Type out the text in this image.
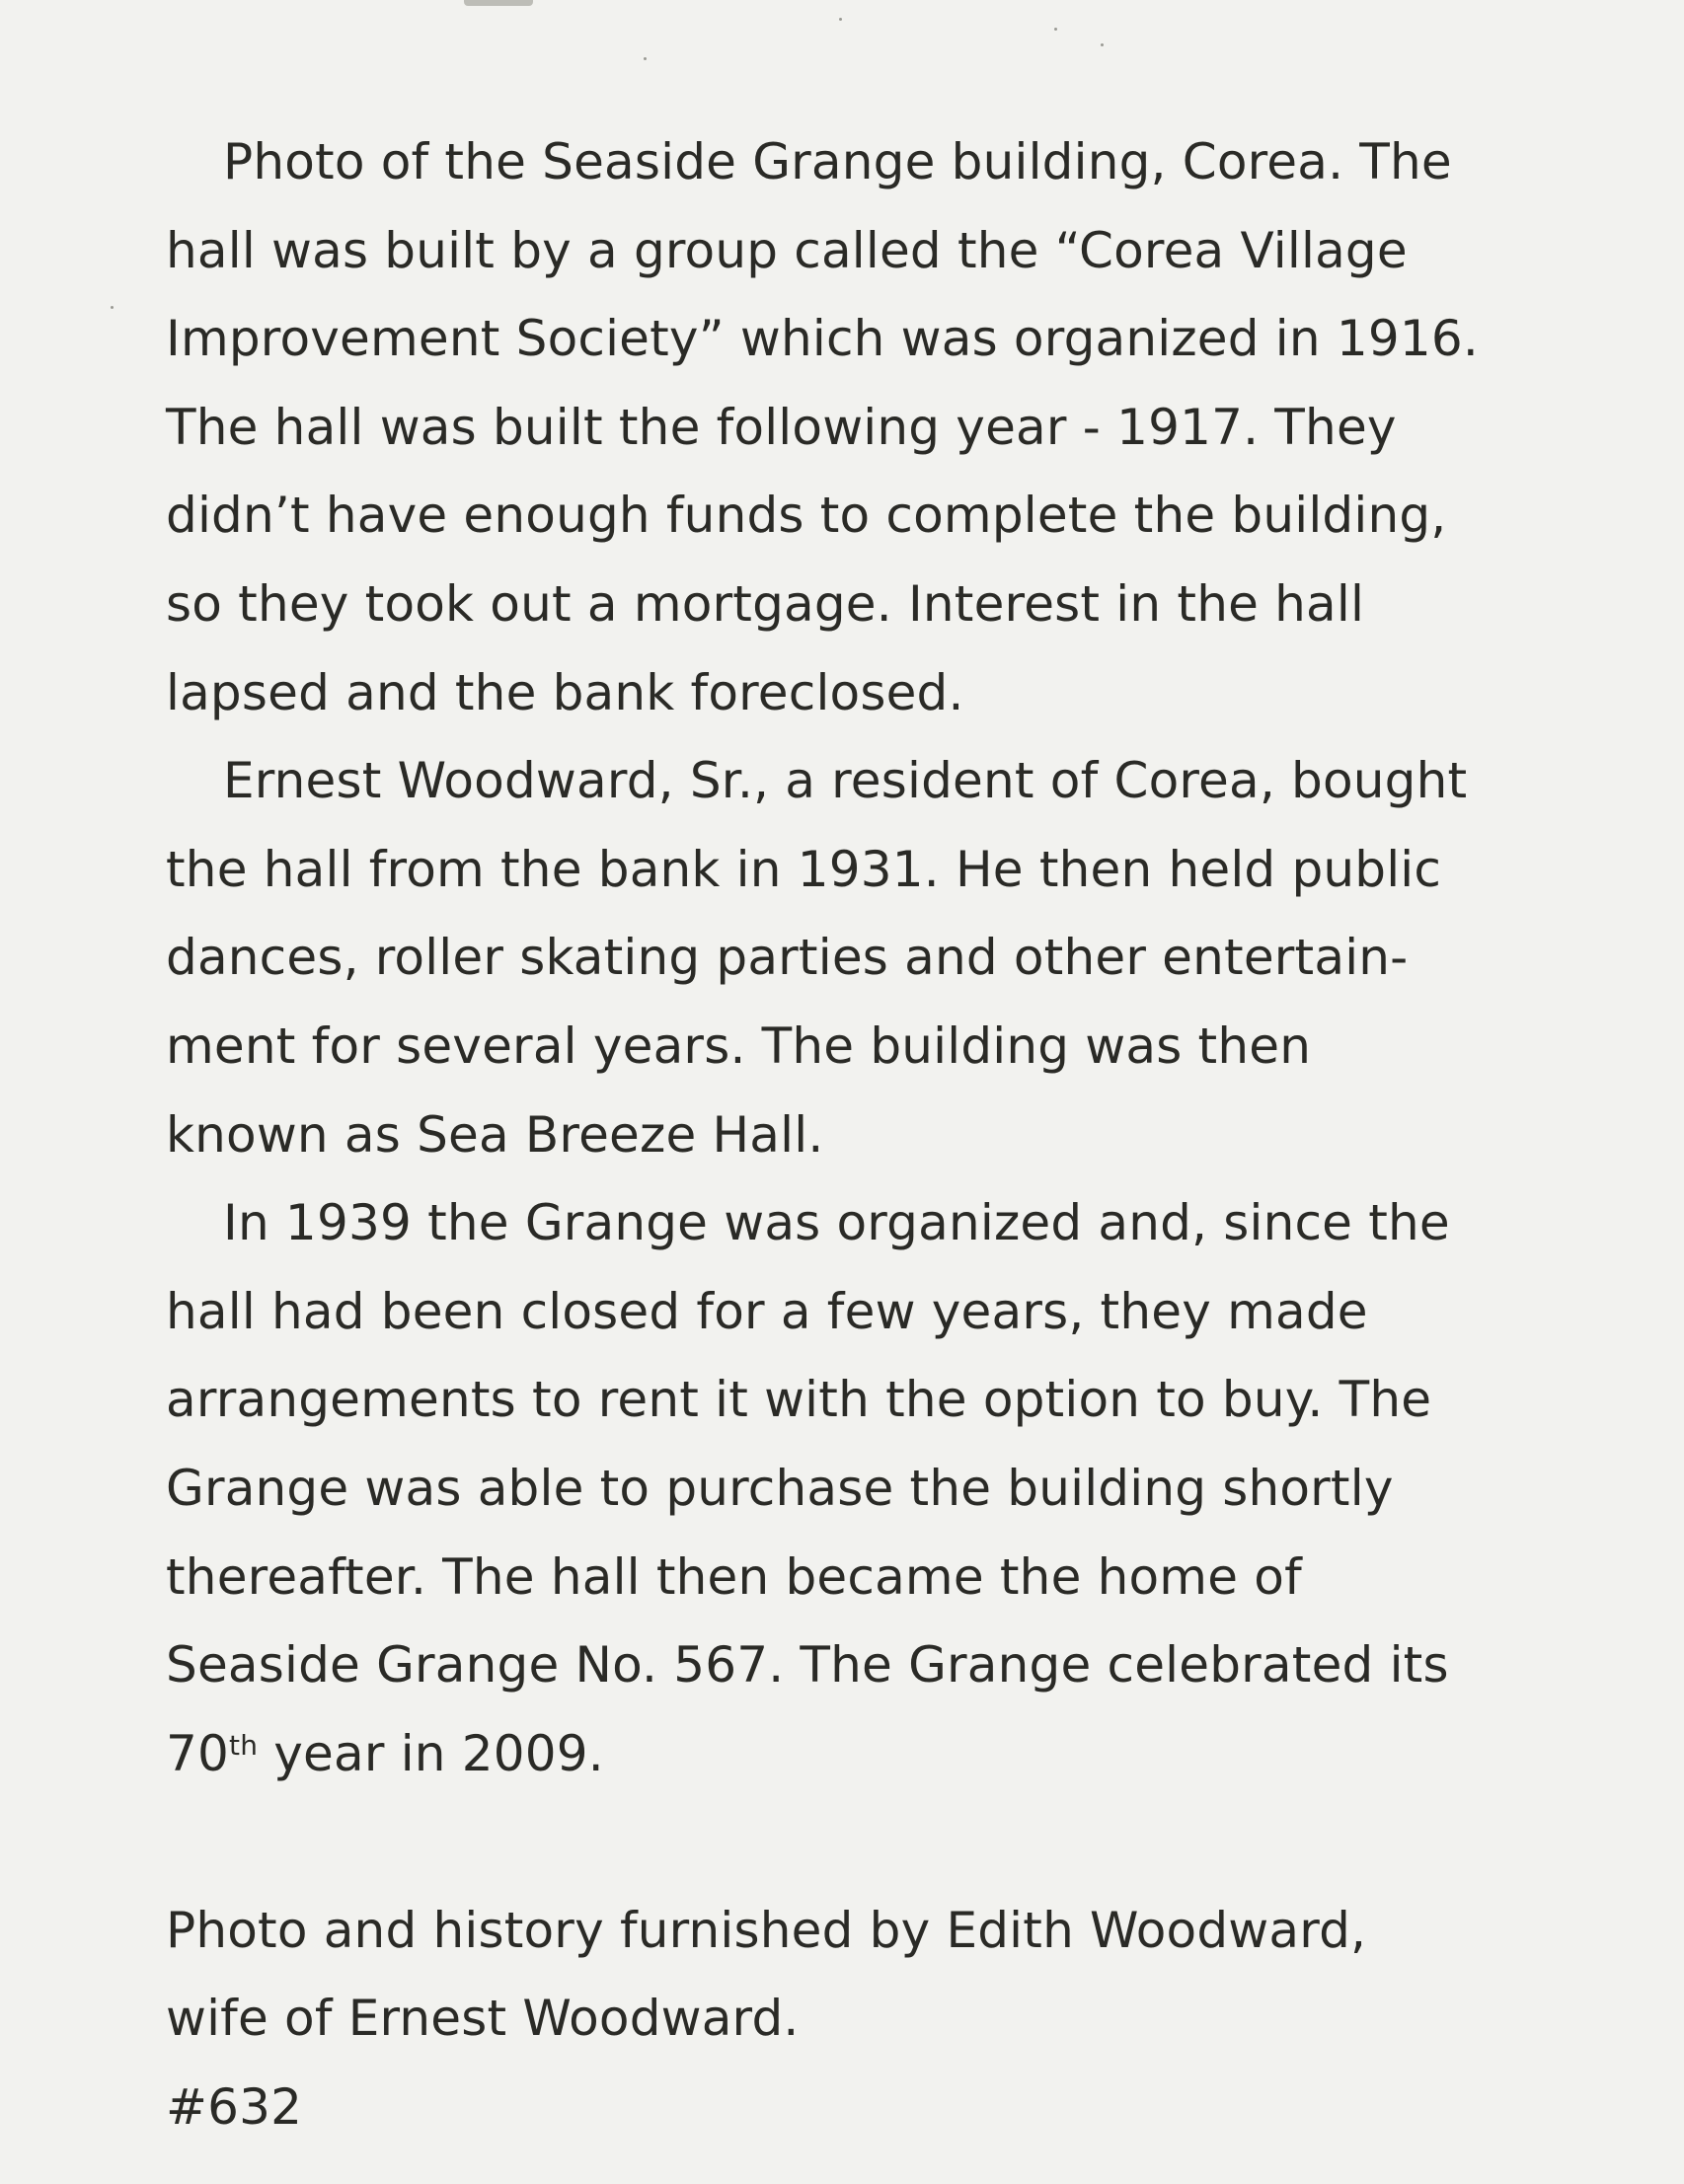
Photo of the Seaside Grange building, Corea. The
hall was built by a group called the “Corea Village
Improvement Society” which was organized in 1916.
The hall was built the following year - 1917. They
didn’t have enough funds to complete the building,
so they took out a mortgage. Interest in the hall
lapsed and the bank foreclosed.
Ernest Woodward, Sr., a resident of Corea, bought
the hall from the bank in 1931. He then held public
dances, roller skating parties and other entertain-
ment for several years. The building was then
known as Sea Breeze Hall.
In 1939 the Grange was organized and, since the
hall had been closed for a few years, they made
arrangements to rent it with the option to buy. The
Grange was able to purchase the building shortly
thereafter. The hall then became the home of
Seaside Grange No. 567. The Grange celebrated its
70th year in 2009.
Photo and history furnished by Edith Woodward,
wife of Ernest Woodward.
#632
